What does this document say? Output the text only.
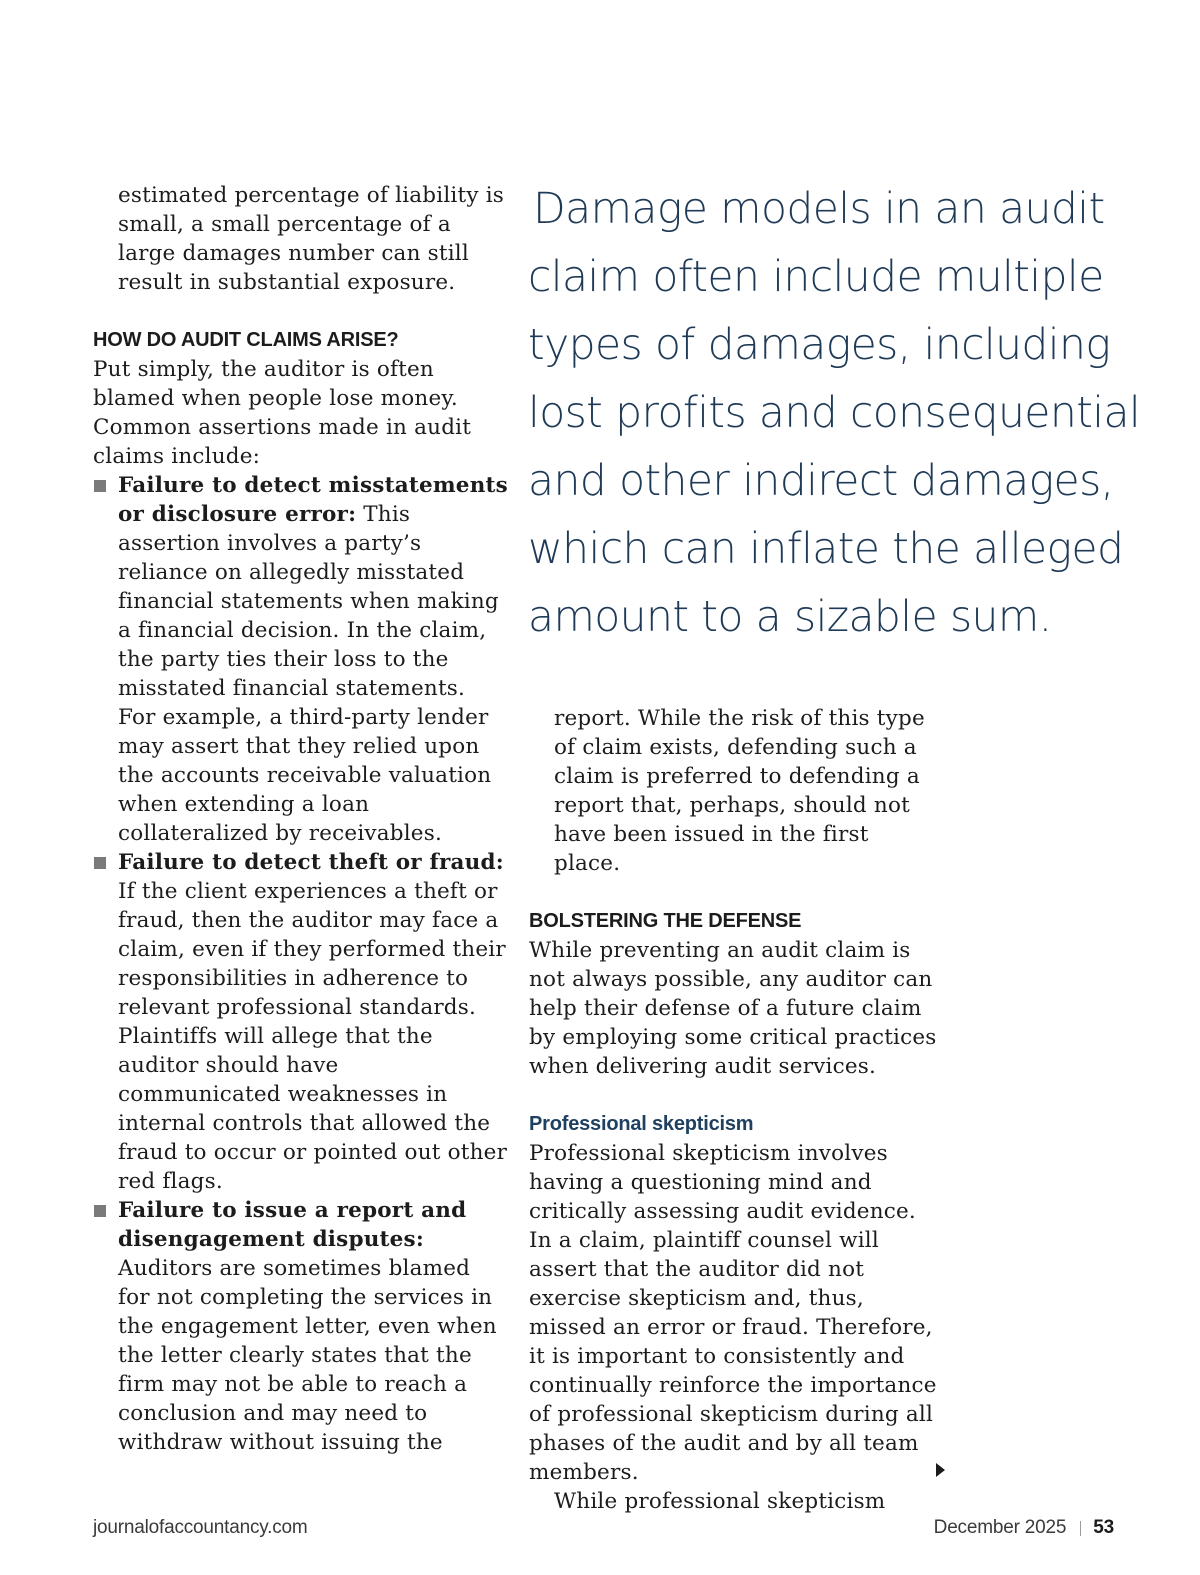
estimated percentage of liability is small, a small percentage of a large damages number can still result in substantial exposure.

HOW DO AUDIT CLAIMS ARISE?

Put simply, the auditor is often blamed when people lose money. Common assertions made in audit claims include:

Failure to detect misstatements or disclosure error: This assertion involves a party’s reliance on allegedly misstated financial statements when making a financial decision. In the claim, the party ties their loss to the misstated financial statements. For example, a third-party lender may assert that they relied upon the accounts receivable valuation when extending a loan collateralized by receivables.
Failure to detect theft or fraud: If the client experiences a theft or fraud, then the auditor may face a claim, even if they performed their responsibilities in adherence to relevant professional standards. Plaintiffs will allege that the auditor should have communicated weaknesses in internal controls that allowed the fraud to occur or pointed out other red flags.
Failure to issue a report and disengagement disputes: Auditors are sometimes blamed for not completing the services in the engagement letter, even when the letter clearly states that the firm may not be able to reach a conclusion and may need to withdraw without issuing the
Damage models in an audit
claim often include multiple
types of damages, including
lost profits and consequential
and other indirect damages,
which can inflate the alleged
amount to a sizable sum.

report. While the risk of this type of claim exists, defending such a claim is preferred to defending a report that, perhaps, should not have been issued in the first place.

BOLSTERING THE DEFENSE

While preventing an audit claim is not always possible, any auditor can help their defense of a future claim by employing some critical practices when delivering audit services.

Professional skepticism

Professional skepticism involves having a questioning mind and critically assessing audit evidence. In a claim, plaintiff counsel will assert that the auditor did not exercise skepticism and, thus, missed an error or fraud. Therefore, it is important to consistently and continually reinforce the importance of professional skepticism during all phases of the audit and by all team members.

While professional skepticism

journalofaccountancy.com	December 2025 53
